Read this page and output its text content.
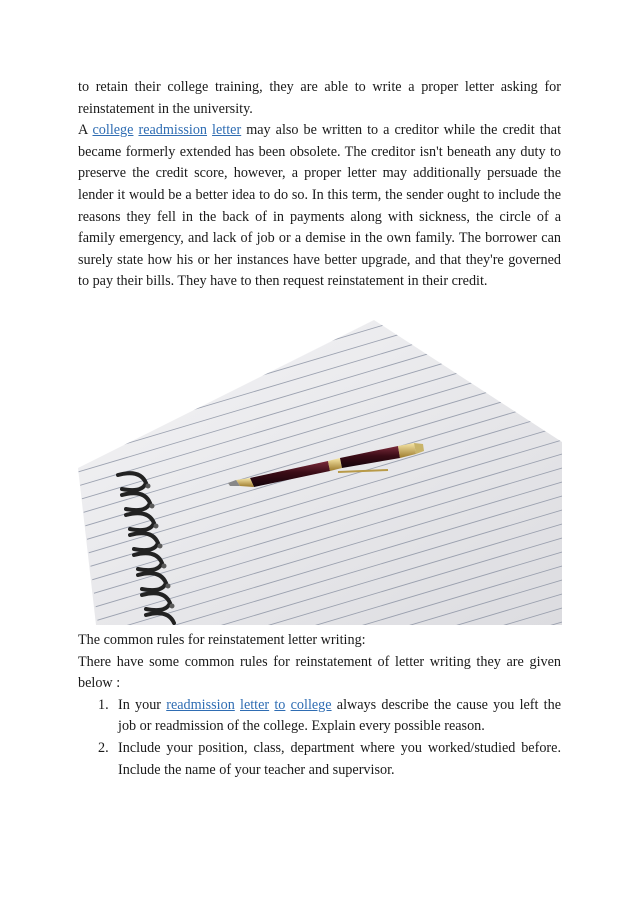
to retain their college training, they are able to write a proper letter asking for reinstatement in the university.

A college readmission letter may also be written to a creditor while the credit that became formerly extended has been obsolete. The creditor isn't beneath any duty to preserve the credit score, however, a proper letter may additionally persuade the lender it would be a better idea to do so. In this term, the sender ought to include the reasons they fell in the back of in payments along with sickness, the circle of a family emergency, and lack of job or a demise in the own family. The borrower can surely state how his or her instances have better upgrade, and that they're governed to pay their bills. They have to then request reinstatement in their credit.

The common rules for reinstatement letter writing:

There have some common rules for reinstatement of letter writing they are given below :

1. In your readmission letter to college always describe the cause you left the job or readmission of the college. Explain every possible reason.
2. Include your position, class, department where you worked/studied before. Include the name of your teacher and supervisor.
